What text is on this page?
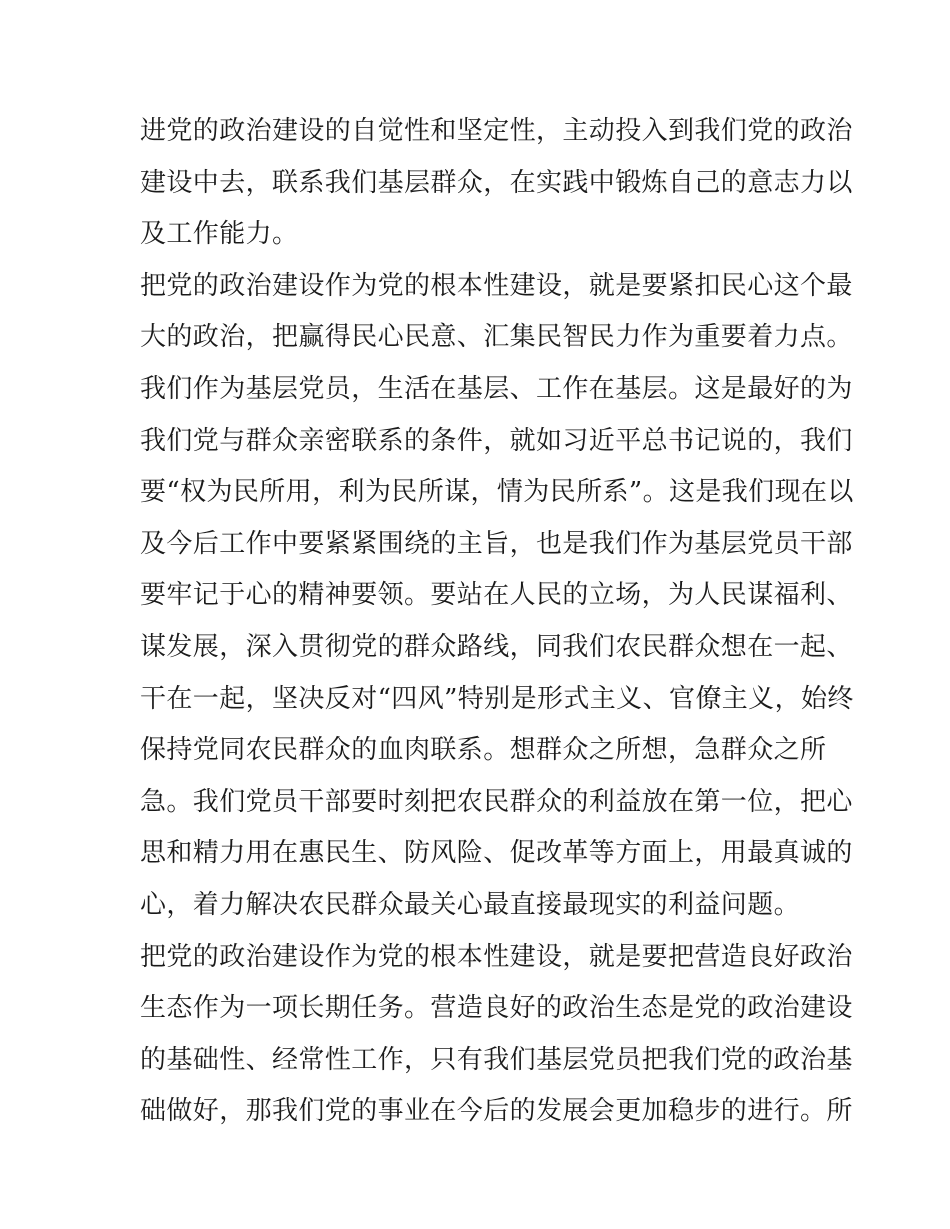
进党的政治建设的自觉性和坚定性，主动投入到我们党的政治
建设中去，联系我们基层群众，在实践中锻炼自己的意志力以
及工作能力。
把党的政治建设作为党的根本性建设，就是要紧扣民心这个最
大的政治，把赢得民心民意、汇集民智民力作为重要着力点。
我们作为基层党员，生活在基层、工作在基层。这是最好的为
我们党与群众亲密联系的条件，就如习近平总书记说的，我们
要“权为民所用，利为民所谋，情为民所系”。这是我们现在以
及今后工作中要紧紧围绕的主旨，也是我们作为基层党员干部
要牢记于心的精神要领。要站在人民的立场，为人民谋福利、
谋发展，深入贯彻党的群众路线，同我们农民群众想在一起、
干在一起，坚决反对“四风”特别是形式主义、官僚主义，始终
保持党同农民群众的血肉联系。想群众之所想，急群众之所
急。我们党员干部要时刻把农民群众的利益放在第一位，把心
思和精力用在惠民生、防风险、促改革等方面上，用最真诚的
心，着力解决农民群众最关心最直接最现实的利益问题。
把党的政治建设作为党的根本性建设，就是要把营造良好政治
生态作为一项长期任务。营造良好的政治生态是党的政治建设
的基础性、经常性工作，只有我们基层党员把我们党的政治基
础做好，那我们党的事业在今后的发展会更加稳步的进行。所
